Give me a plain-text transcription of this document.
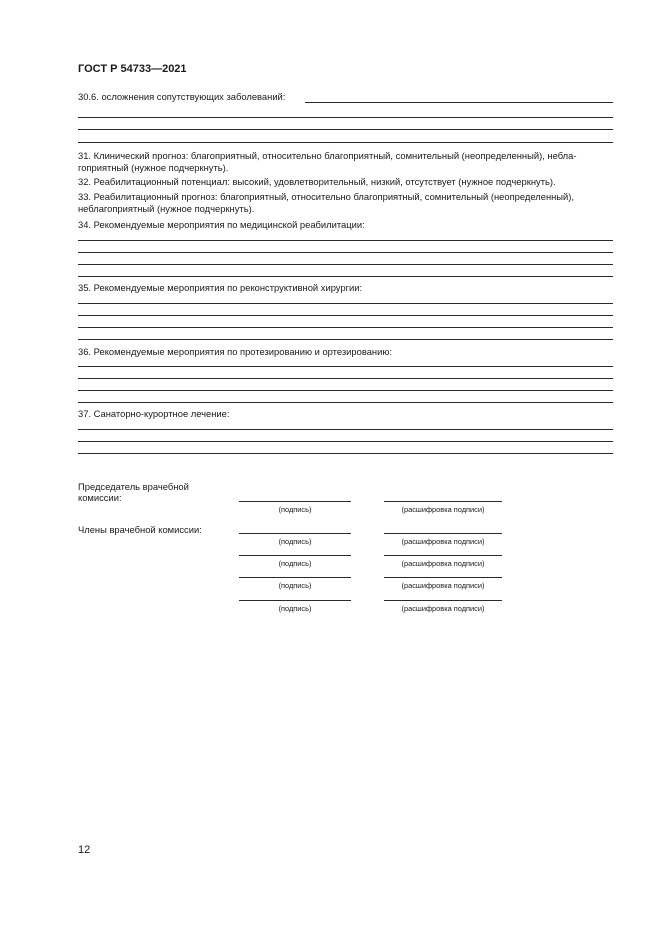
ГОСТ Р 54733—2021
30.6. осложнения сопутствующих заболеваний:
31. Клинический прогноз: благоприятный, относительно благоприятный, сомнительный (неопределенный), небла-
гоприятный (нужное подчеркнуть).
32. Реабилитационный потенциал: высокий, удовлетворительный, низкий, отсутствует (нужное подчеркнуть).
33. Реабилитационный прогноз: благоприятный, относительно благоприятный, сомнительный (неопределенный),
неблагоприятный (нужное подчеркнуть).
34. Рекомендуемые мероприятия по медицинской реабилитации:
35. Рекомендуемые мероприятия по реконструктивной хирургии:
36. Рекомендуемые мероприятия по протезированию и ортезированию:
37. Санаторно-курортное лечение:
Председатель врачебной
комиссии:
(подпись)	(расшифровка подписи)
Члены врачебной комиссии:
(подпись)	(расшифровка подписи)
(подпись)	(расшифровка подписи)
(подпись)	(расшифровка подписи)
(подпись)	(расшифровка подписи)
12
